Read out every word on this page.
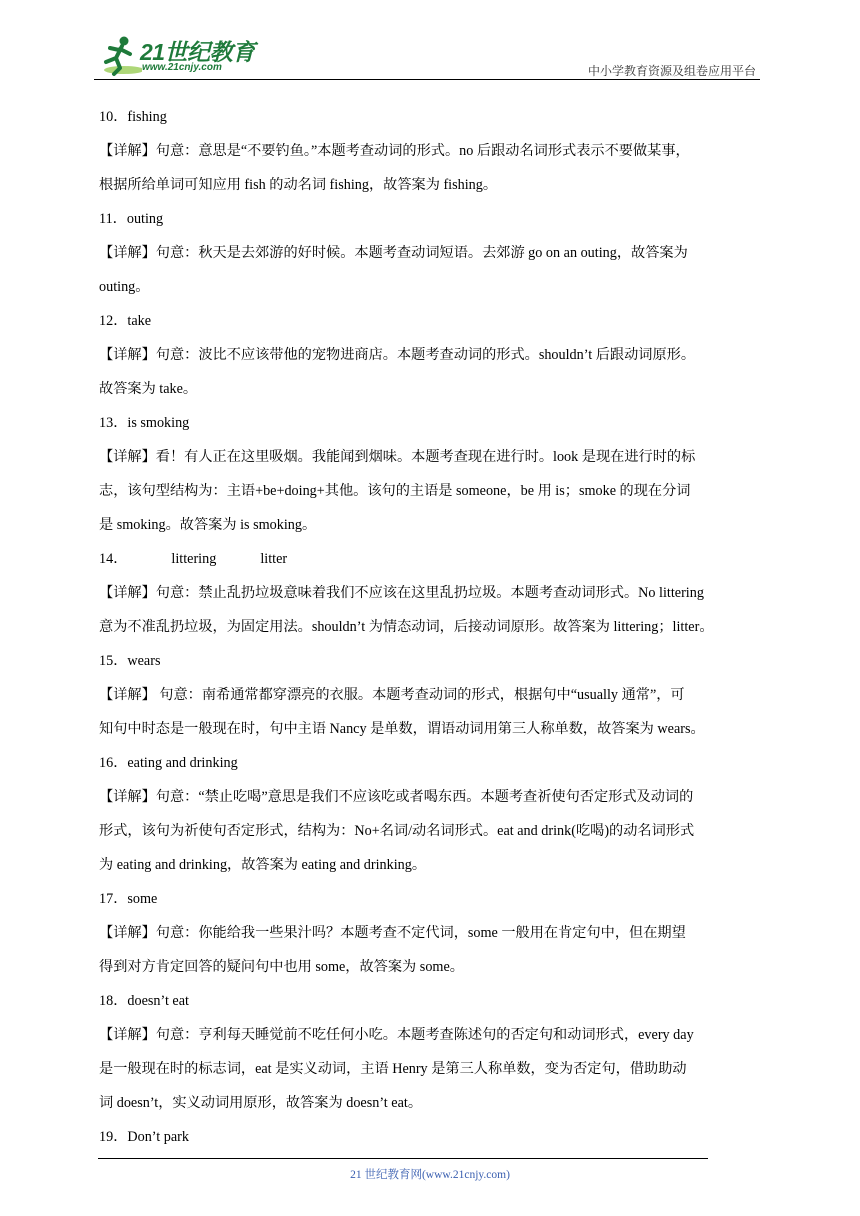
21世纪教育
www.21cnjy.com	中小学教育资源及组卷应用平台
10．fishing
【详解】句意：意思是“不要钓鱼。”本题考查动词的形式。no 后跟动名词形式表示不要做某事，
根据所给单词可知应用 fish 的动名词 fishing，故答案为 fishing。
11．outing
【详解】句意：秋天是去郊游的好时候。本题考查动词短语。去郊游 go on an outing，故答案为
outing。
12．take
【详解】句意：波比不应该带他的宠物进商店。本题考查动词的形式。shouldn’t 后跟动词原形。
故答案为 take。
13．is smoking
【详解】看！有人正在这里吸烟。我能闻到烟味。本题考查现在进行时。look 是现在进行时的标
志，该句型结构为：主语+be+doing+其他。该句的主语是 someone，be 用 is；smoke 的现在分词
是 smoking。故答案为 is smoking。
14．	littering	litter
【详解】句意：禁止乱扔垃圾意味着我们不应该在这里乱扔垃圾。本题考查动词形式。No littering
意为不准乱扔垃圾，为固定用法。shouldn’t 为情态动词，后接动词原形。故答案为 littering；litter。
15．wears
【详解】 句意：南希通常都穿漂亮的衣服。本题考查动词的形式，根据句中“usually 通常”，可
知句中时态是一般现在时，句中主语 Nancy 是单数，谓语动词用第三人称单数，故答案为 wears。
16．eating and drinking
【详解】句意：“禁止吃喝”意思是我们不应该吃或者喝东西。本题考查祈使句否定形式及动词的
形式，该句为祈使句否定形式，结构为：No+名词/动名词形式。eat and drink(吃喝)的动名词形式
为 eating and drinking，故答案为 eating and drinking。
17．some
【详解】句意：你能给我一些果汁吗？本题考查不定代词，some 一般用在肯定句中，但在期望
得到对方肯定回答的疑问句中也用 some，故答案为 some。
18．doesn’t eat
【详解】句意：亨利每天睡觉前不吃任何小吃。本题考查陈述句的否定句和动词形式，every day
是一般现在时的标志词，eat 是实义动词，主语 Henry 是第三人称单数，变为否定句，借助助动
词 doesn’t，实义动词用原形，故答案为 doesn’t eat。
19．Don’t park
21 世纪教育网(www.21cnjy.com)
